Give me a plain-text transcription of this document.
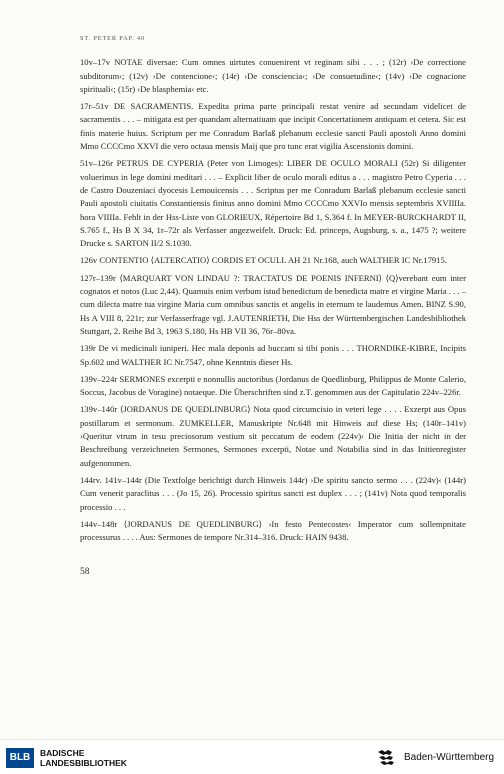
ST. PETER PAP. 40
10v–17v NOTAE diversae: Cum omnes uirtutes conuenirent vt reginam sibi . . . ; (12r) ›De correctione subditorum‹; (12v) ›De contencione‹; (14r) ›De consciencia‹; ›De consuetudine‹; (14v) ›De cognacione spirituali‹; (15r) ›De blasphemia‹ etc.
17r–51v DE SACRAMENTIS. Expedita prima parte principali restat venire ad secundam videlicet de sacramentis . . . – mitigata est per quandam alternatiuam que incipit Concertationem antiquam et cetera. Sic est finis materie huius. Scriptum per me Conradum Barlaß plebanum ecclesie sancti Pauli apostoli Anno domini Mmo CCCCmo XXVI die vero octaua mensis Maij que pro tunc erat vigilia Ascensionis domini.
51v–126r PETRUS DE CYPERIA (Peter von Limoges): LIBER DE OCULO MORALI (52r) Si diligenter voluerimus in lege domini meditari . . . – Explicit liber de oculo morali editus a . . . magistro Petro Cyperia . . . de Castro Douzeniaci dyocesis Lemouicensis . . . Scriptus per me Conradum Barlaß plebanum ecclesie sancti Pauli apostoli ciuitatis Constantiensis finitus anno domini Mmo CCCCmo XXVIo mensis septembris XVIIIIa. hora VIIIIa. Fehlt in der Hss-Liste von GLORIEUX, Répertoire Bd 1, S.364 f. In MEYER-BURCKHARDT II, S.765 f., Hs B X 34, 1r–72r als Verfasser angezweifelt. Druck: Ed. princeps, Augsburg, s. a., 1475 ?; weitere Drucke s. SARTON II/2 S.1030.
126v CONTENTIO ⟨ALTERCATIO⟩ CORDIS ET OCULI. AH 21 Nr.168, auch WALTHER IC Nr.17915.
127r–139r ⟨MARQUART VON LINDAU ?: TRACTATUS DE POENIS INFERNI⟩ ⟨Q⟩verebant eum inter cognatos et notos (Luc 2,44). Quamuis enim verbum istud benedictum de benedicta matre et virgine Maria . . . – cum dilecta matre tua virgine Maria cum omnibus sanctis et angelis in eternum te laudemus Amen. BINZ S.90, Hs A VIII 8, 221r; zur Verfasserfrage vgl. J.AUTENRIETH, Die Hss der Württembergischen Landesbibliothek Stuttgart, 2. Reihe Bd 3, 1963 S.180, Hs HB VII 36, 76r–80va.
139r De vi medicinali iuniperi. Hec mala deponis ad buccam si tibi ponis . . . THORNDIKE-KIBRE, Incipits Sp.602 und WALTHER IC Nr.7547, ohne Kenntnis dieser Hs.
139v–224r SERMONES excerpti e nonnullis auctoribus (Jordanus de Quedlinburg, Philippus de Monte Calerio, Soccus, Jacobus de Voragine) notaeque. Die Überschriften sind z.T. genommen aus der Capitulatio 224v–226r.
139v–140r ⟨JORDANUS DE QUEDLINBURG⟩ Nota quod circumcisio in veteri lege . . . . Exzerpt aus Opus postillarum et sermonum. ZUMKELLER, Manuskripte Nr.648 mit Hinweis auf diese Hs; (140r–141v) ›Queritur vtrum in tesu preciosorum vestium sit peccatum de eodem (224v)‹ Die Initia der nicht in der Beschreibung verzeichneten Sermones, Sermones excerpti, Notae und Notabilia sind in das Initienregister aufgenommen.
144rv. 141v–144r (Die Textfolge berichtigt durch Hinweis 144r) ›De spiritu sancto sermo . . . (224v)‹ (144r) Cum venerit paraclitus . . . (Jo 15, 26). Processio spiritus sancti est duplex . . . ; (141v) Nota quod temporalis processio . . .
144v–148r ⟨JORDANUS DE QUEDLINBURG⟩ ›In festo Pentecostes‹ Imperator cum sollempnitate processurus . . . . Aus: Sermones de tempore Nr.314–316. Druck: HAIN 9438.
58
BLB	BADISCHE
LANDESBIBLIOTHEK	Baden-Württemberg
